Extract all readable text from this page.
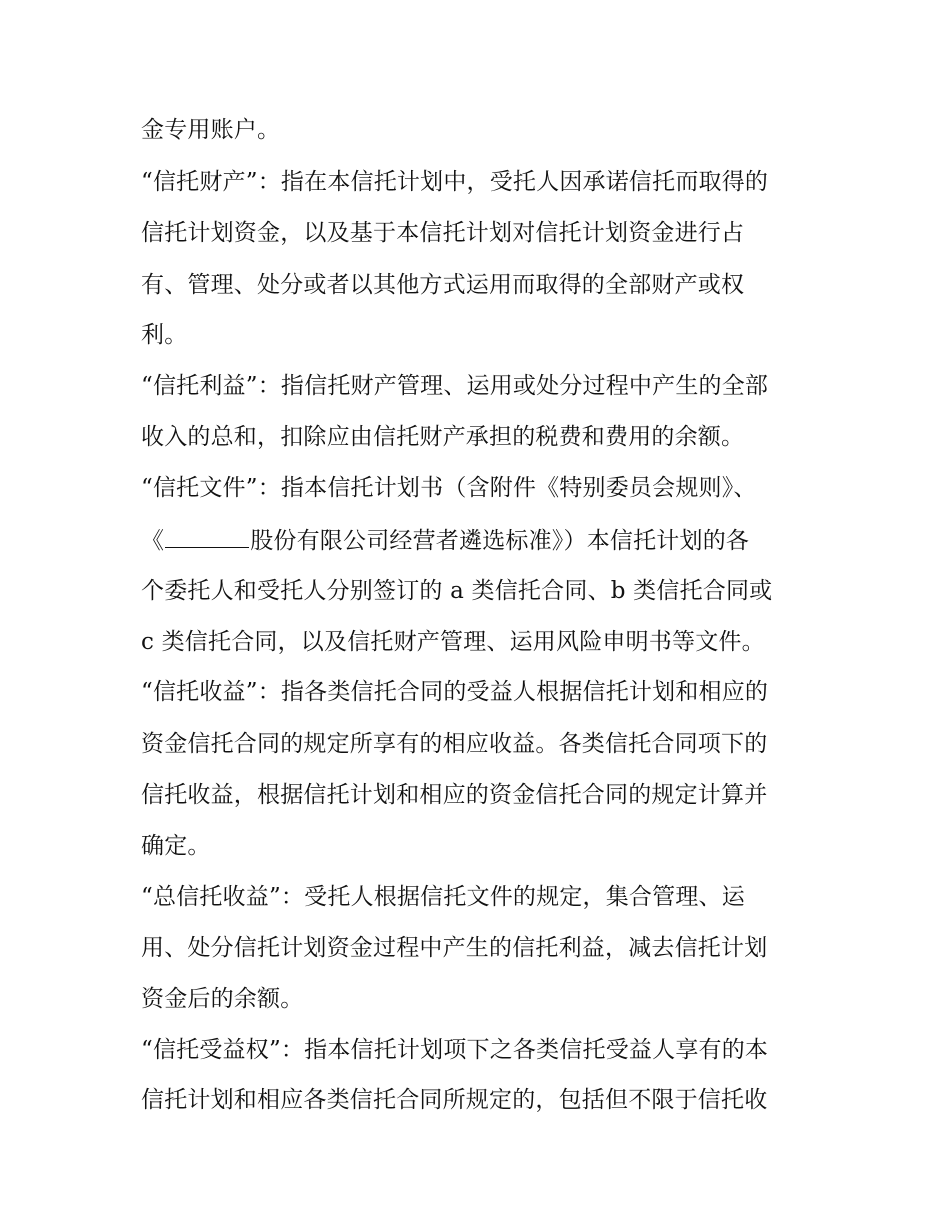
金专用账户。
“信托财产”：指在本信托计划中，受托人因承诺信托而取得的
信托计划资金，以及基于本信托计划对信托计划资金进行占
有、管理、处分或者以其他方式运用而取得的全部财产或权
利。
“信托利益”：指信托财产管理、运用或处分过程中产生的全部
收入的总和，扣除应由信托财产承担的税费和费用的余额。
“信托文件”：指本信托计划书（含附件《特别委员会规则》、
《	股份有限公司经营者遴选标准》）本信托计划的各
个委托人和受托人分别签订的 a 类信托合同、b 类信托合同或
c 类信托合同，以及信托财产管理、运用风险申明书等文件。
“信托收益”：指各类信托合同的受益人根据信托计划和相应的
资金信托合同的规定所享有的相应收益。各类信托合同项下的
信托收益，根据信托计划和相应的资金信托合同的规定计算并
确定。
“总信托收益”：受托人根据信托文件的规定，集合管理、运
用、处分信托计划资金过程中产生的信托利益，减去信托计划
资金后的余额。
“信托受益权”：指本信托计划项下之各类信托受益人享有的本
信托计划和相应各类信托合同所规定的，包括但不限于信托收
